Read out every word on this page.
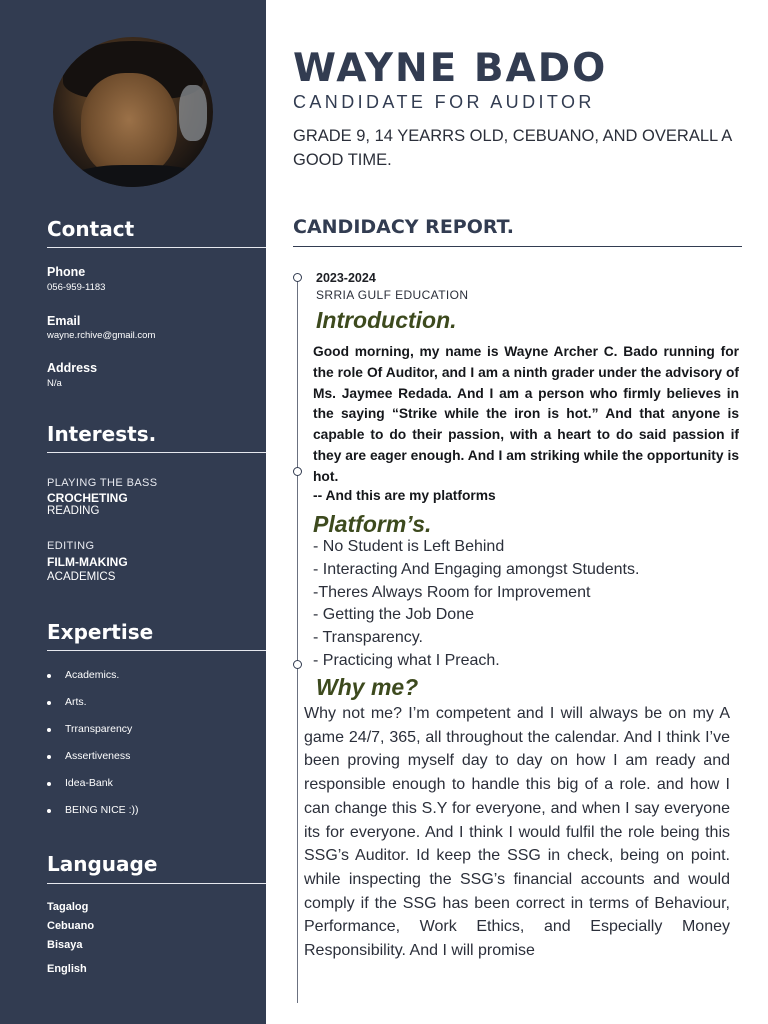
Contact
Phone
056-959-1183
Email
wayne.rchive@gmail.com
Address
N/a
Interests.
PLAYING THE BASS
CROCHETING
READING
EDITING
FILM-MAKING
ACADEMICS
Expertise
Academics.
Arts.
Trransparency
Assertiveness
Idea-Bank
BEING NICE :))
Language
Tagalog
Cebuano
Bisaya
English
WAYNE BADO
CANDIDATE FOR AUDITOR

GRADE 9, 14 YEARRS OLD, CEBUANO, AND OVERALL A GOOD TIME.

CANDIDACY REPORT.
2023-2024
SRRIA GULF EDUCATION
Introduction.

Good morning, my name is Wayne Archer C. Bado running for the role Of Auditor, and I am a ninth grader under the advisory of Ms. Jaymee Redada. And I am a person who firmly believes in the saying “Strike while the iron is hot.” And that anyone is capable to do their passion, with a heart to do said passion if they are eager enough. And I am striking while the opportunity is hot.

-- And this are my platforms
Platform’s.
- No Student is Left Behind
- Interacting And Engaging amongst Students.
-Theres Always Room for Improvement
- Getting the Job Done
- Transparency.
- Practicing what I Preach.
Why me?

Why not me? I’m competent and I will always be on my A game 24/7, 365, all throughout the calendar. And I think I’ve been proving myself day to day on how I am ready and responsible enough to handle this big of a role. and how I can change this S.Y for everyone, and when I say everyone its for everyone. And I think I would fulfil the role being this SSG’s Auditor. Id keep the SSG in check, being on point. while inspecting the SSG’s financial accounts and would comply if the SSG has been correct in terms of Behaviour, Performance, Work Ethics, and Especially Money Responsibility. And I will promise
